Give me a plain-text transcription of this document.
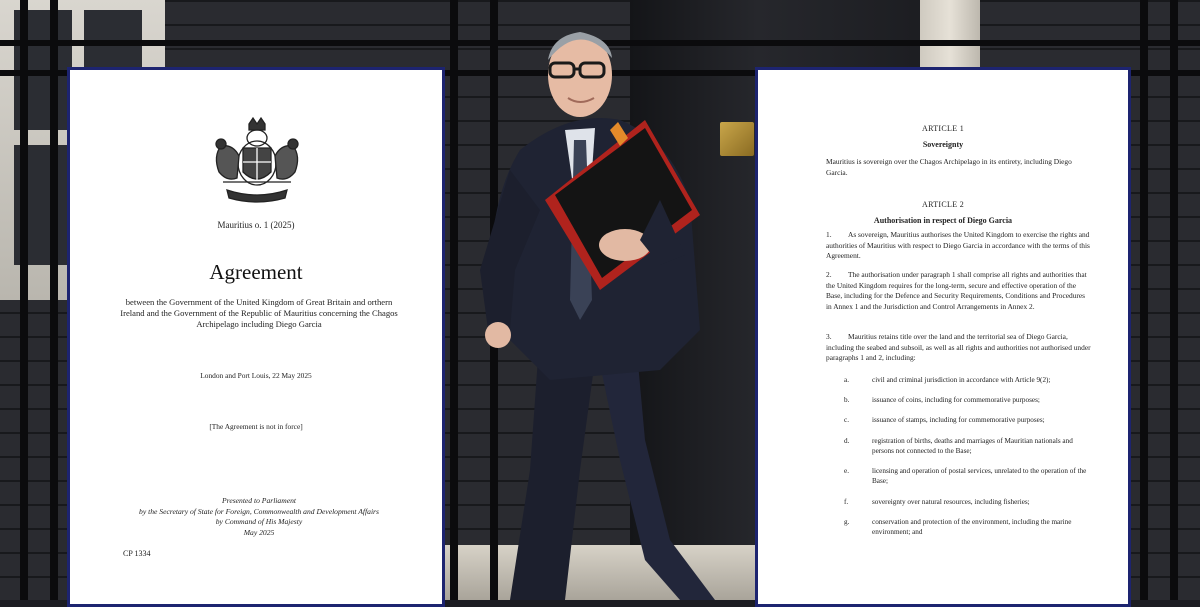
Mauritius o. 1 (2025)
Agreement
between the Government of the United Kingdom of Great Britain and orthern Ireland and the Government of the Republic of Mauritius concerning the Chagos Archipelago including Diego Garcia
London and Port Louis, 22 May 2025
[The Agreement is not in force]
Presented to Parliament
by the Secretary of State for Foreign, Commonwealth and Development Affairs
by Command of His Majesty
May 2025
CP 1334
ARTICLE 1
Sovereignty
Mauritius is sovereign over the Chagos Archipelago in its entirety, including Diego Garcia.
ARTICLE 2
Authorisation in respect of Diego Garcia
1. As sovereign, Mauritius authorises the United Kingdom to exercise the rights and authorities of Mauritius with respect to Diego Garcia in accordance with the terms of this Agreement.
2. The authorisation under paragraph 1 shall comprise all rights and authorities that the United Kingdom requires for the long-term, secure and effective operation of the Base, including for the Defence and Security Requirements, Conditions and Procedures in Annex 1 and the Jurisdiction and Control Arrangements in Annex 2.
3. Mauritius retains title over the land and the territorial sea of Diego Garcia, including the seabed and subsoil, as well as all rights and authorities not authorised under paragraphs 1 and 2, including:
a.	civil and criminal jurisdiction in accordance with Article 9(2);
b.	issuance of coins, including for commemorative purposes;
c.	issuance of stamps, including for commemorative purposes;
d.	registration of births, deaths and marriages of Mauritian nationals and persons not connected to the Base;
e.	licensing and operation of postal services, unrelated to the operation of the Base;
f.	sovereignty over natural resources, including fisheries;
g.	conservation and protection of the environment, including the marine environment; and
